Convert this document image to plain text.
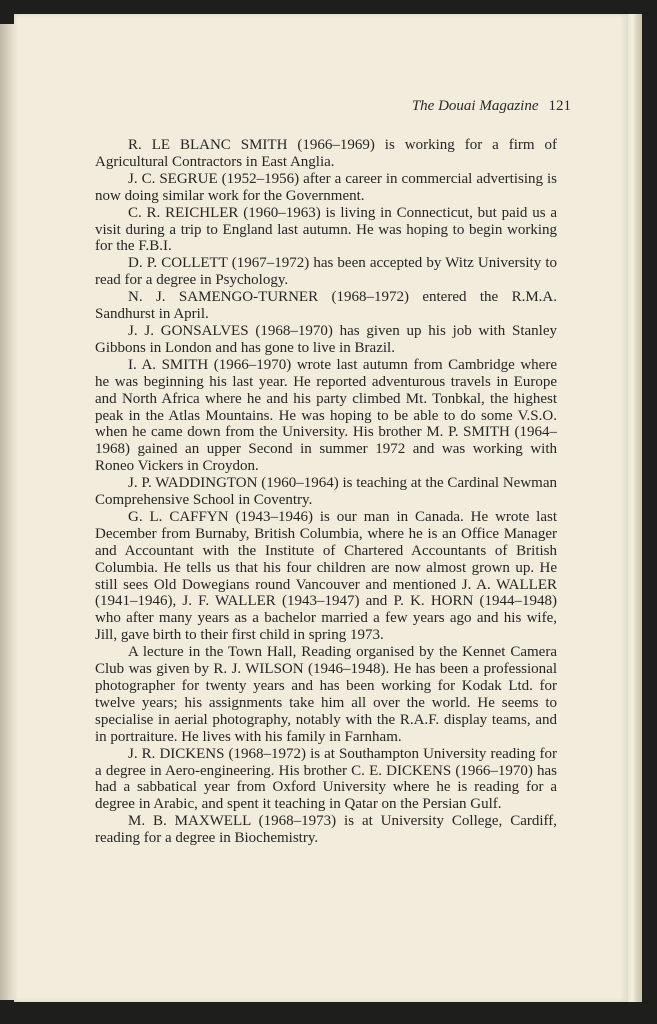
The Douai Magazine 121

R. LE BLANC SMITH (1966–1969) is working for a firm of Agricultural Contractors in East Anglia.

J. C. SEGRUE (1952–1956) after a career in commercial advertising is now doing similar work for the Government.

C. R. REICHLER (1960–1963) is living in Connecticut, but paid us a visit during a trip to England last autumn. He was hoping to begin working for the F.B.I.

D. P. COLLETT (1967–1972) has been accepted by Witz University to read for a degree in Psychology.

N. J. SAMENGO-TURNER (1968–1972) entered the R.M.A. Sandhurst in April.

J. J. GONSALVES (1968–1970) has given up his job with Stanley Gibbons in London and has gone to live in Brazil.

I. A. SMITH (1966–1970) wrote last autumn from Cambridge where he was beginning his last year. He reported adventurous travels in Europe and North Africa where he and his party climbed Mt. Tonbkal, the highest peak in the Atlas Mountains. He was hoping to be able to do some V.S.O. when he came down from the University. His brother M. P. SMITH (1964–1968) gained an upper Second in summer 1972 and was working with Roneo Vickers in Croydon.

J. P. WADDINGTON (1960–1964) is teaching at the Cardinal Newman Comprehensive School in Coventry.

G. L. CAFFYN (1943–1946) is our man in Canada. He wrote last December from Burnaby, British Columbia, where he is an Office Manager and Accountant with the Institute of Chartered Accountants of British Columbia. He tells us that his four children are now almost grown up. He still sees Old Dowegians round Vancouver and mentioned J. A. WALLER (1941–1946), J. F. WALLER (1943–1947) and P. K. HORN (1944–1948) who after many years as a bachelor married a few years ago and his wife, Jill, gave birth to their first child in spring 1973.

A lecture in the Town Hall, Reading organised by the Kennet Camera Club was given by R. J. WILSON (1946–1948). He has been a professional photographer for twenty years and has been working for Kodak Ltd. for twelve years; his assignments take him all over the world. He seems to specialise in aerial photography, notably with the R.A.F. display teams, and in portraiture. He lives with his family in Farnham.

J. R. DICKENS (1968–1972) is at Southampton University reading for a degree in Aero-engineering. His brother C. E. DICKENS (1966–1970) has had a sabbatical year from Oxford University where he is reading for a degree in Arabic, and spent it teaching in Qatar on the Persian Gulf.

M. B. MAXWELL (1968–1973) is at University College, Cardiff, reading for a degree in Biochemistry.
